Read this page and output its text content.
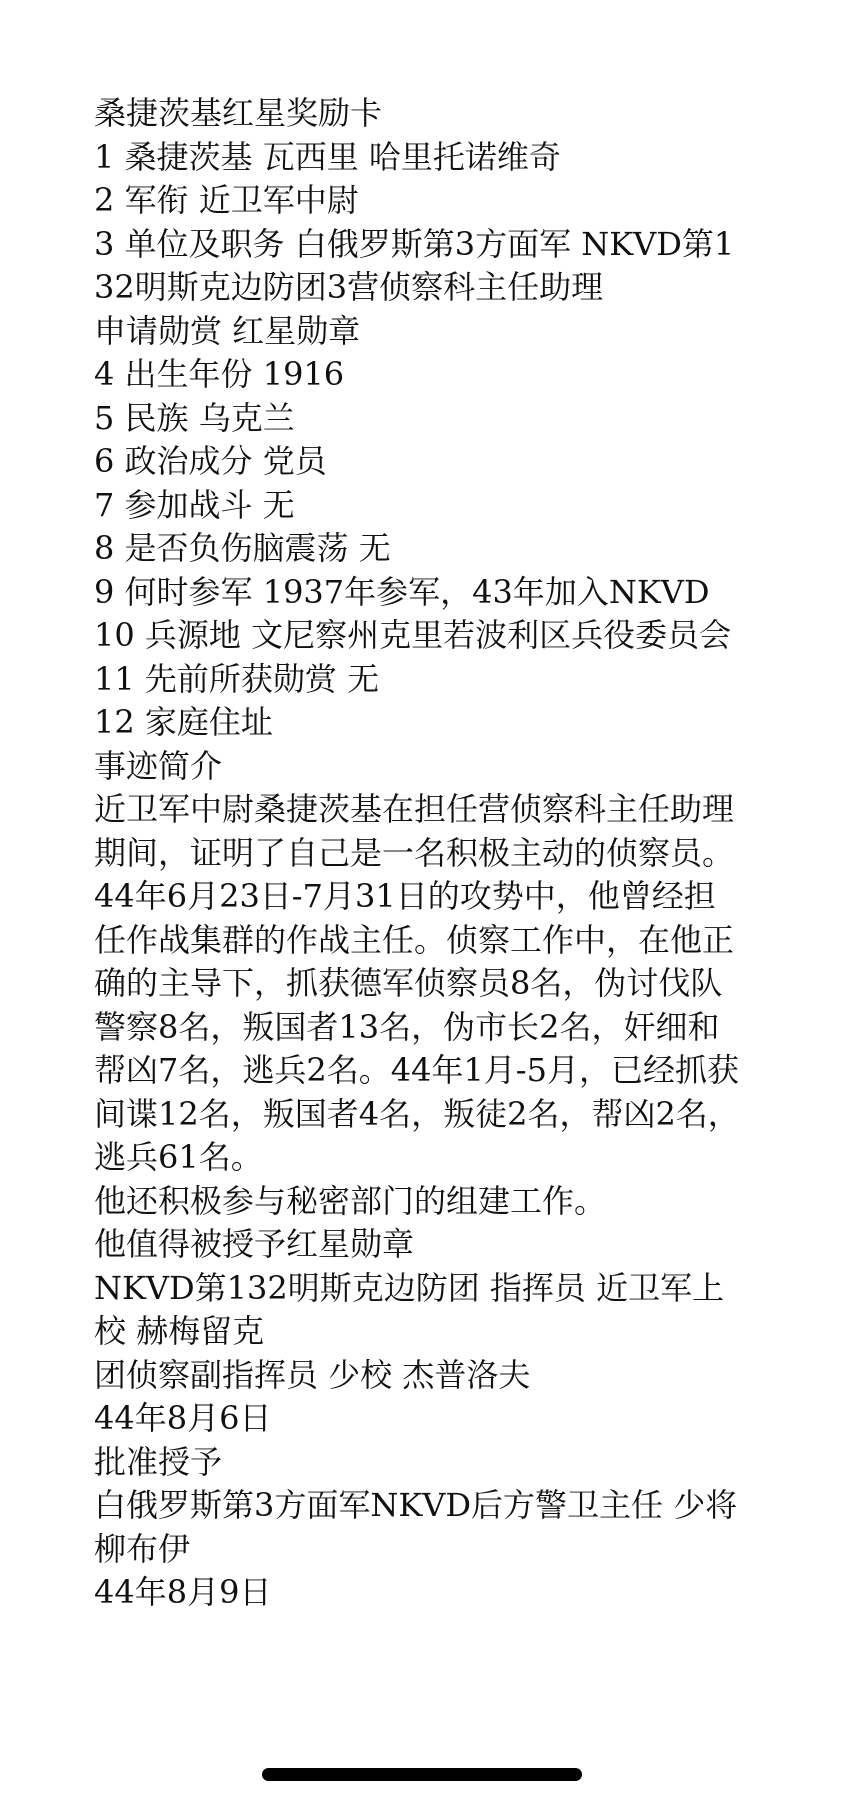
桑捷茨基红星奖励卡
1 桑捷茨基 瓦西里 哈里托诺维奇
2 军衔 近卫军中尉
3 单位及职务 白俄罗斯第3方面军 NKVD第132明斯克边防团3营侦察科主任助理
申请勋赏 红星勋章
4 出生年份 1916
5 民族 乌克兰
6 政治成分 党员
7 参加战斗 无
8 是否负伤脑震荡 无
9 何时参军 1937年参军，43年加入NKVD
10 兵源地 文尼察州克里若波利区兵役委员会
11 先前所获勋赏 无
12 家庭住址
事迹简介
近卫军中尉桑捷茨基在担任营侦察科主任助理期间，证明了自己是一名积极主动的侦察员。44年6月23日-7月31日的攻势中，他曾经担任作战集群的作战主任。侦察工作中，在他正确的主导下，抓获德军侦察员8名，伪讨伐队警察8名，叛国者13名，伪市长2名，奸细和帮凶7名，逃兵2名。44年1月-5月，已经抓获间谍12名，叛国者4名，叛徒2名，帮凶2名，逃兵61名。
他还积极参与秘密部门的组建工作。
他值得被授予红星勋章
NKVD第132明斯克边防团 指挥员 近卫军上校 赫梅留克
团侦察副指挥员 少校 杰普洛夫
44年8月6日
批准授予
白俄罗斯第3方面军NKVD后方警卫主任 少将 柳布伊
44年8月9日
